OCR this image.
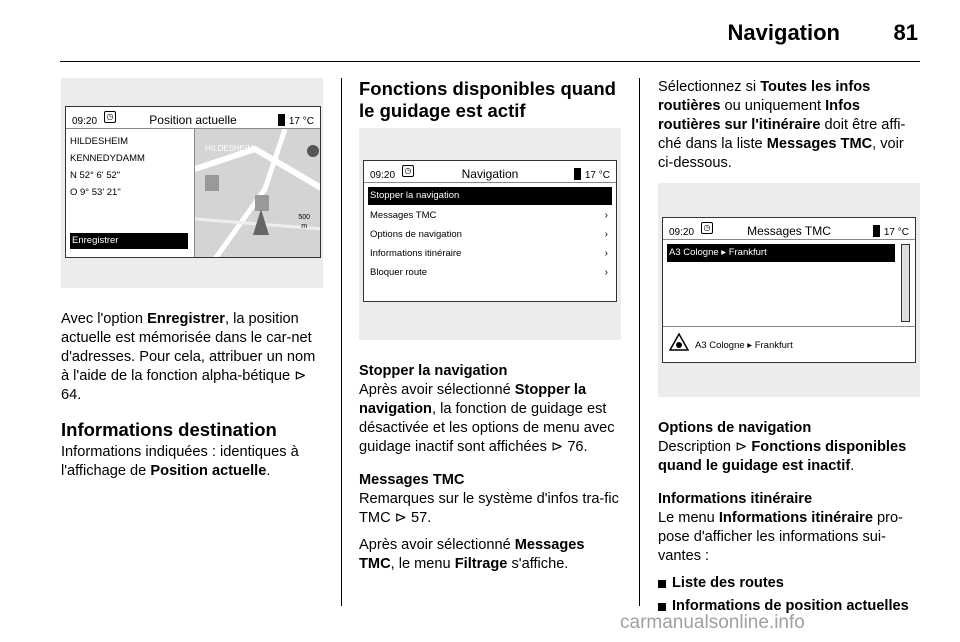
Navigation 81
09:20	◷	Position actuelle	17 °C
HILDESHEIM
KENNEDYDAMM
N 52° 6' 52"
O 9° 53' 21"
HILDESHEIM
500
m
Enregistrer

Avec l'option Enregistrer, la position actuelle est mémorisée dans le car-net d'adresses. Pour cela, attribuer un nom à l'aide de la fonction alpha-bétique ⊳ 64.

Informations destination

Informations indiquées : identiques à l'affichage de Position actuelle.

Fonctions disponibles quand le guidage est actif
09:20	◷	Navigation	17 °C
Stopper la navigation
Messages TMC	›
Options de navigation	›
Informations itinéraire	›
Bloquer route	›
Stopper la navigation

Après avoir sélectionné Stopper la navigation, la fonction de guidage est désactivée et les options de menu avec guidage inactif sont affichées ⊳ 76.

Messages TMC

Remarques sur le système d'infos tra-fic TMC ⊳ 57.

Après avoir sélectionné Messages TMC, le menu Filtrage s'affiche.

Sélectionnez si Toutes les infos routières ou uniquement Infos routières sur l'itinéraire doit être affi-ché dans la liste Messages TMC, voir ci-dessous.

09:20	◷	Messages TMC	17 °C
A3 Cologne ▸ Frankfurt
A3 Cologne ▸ Frankfurt
Options de navigation

Description ⊳ Fonctions disponibles quand le guidage est inactif.

Informations itinéraire

Le menu Informations itinéraire pro-pose d'afficher les informations sui-vantes :

Liste des routes
Informations de position actuelles
carmanualsonline.info
